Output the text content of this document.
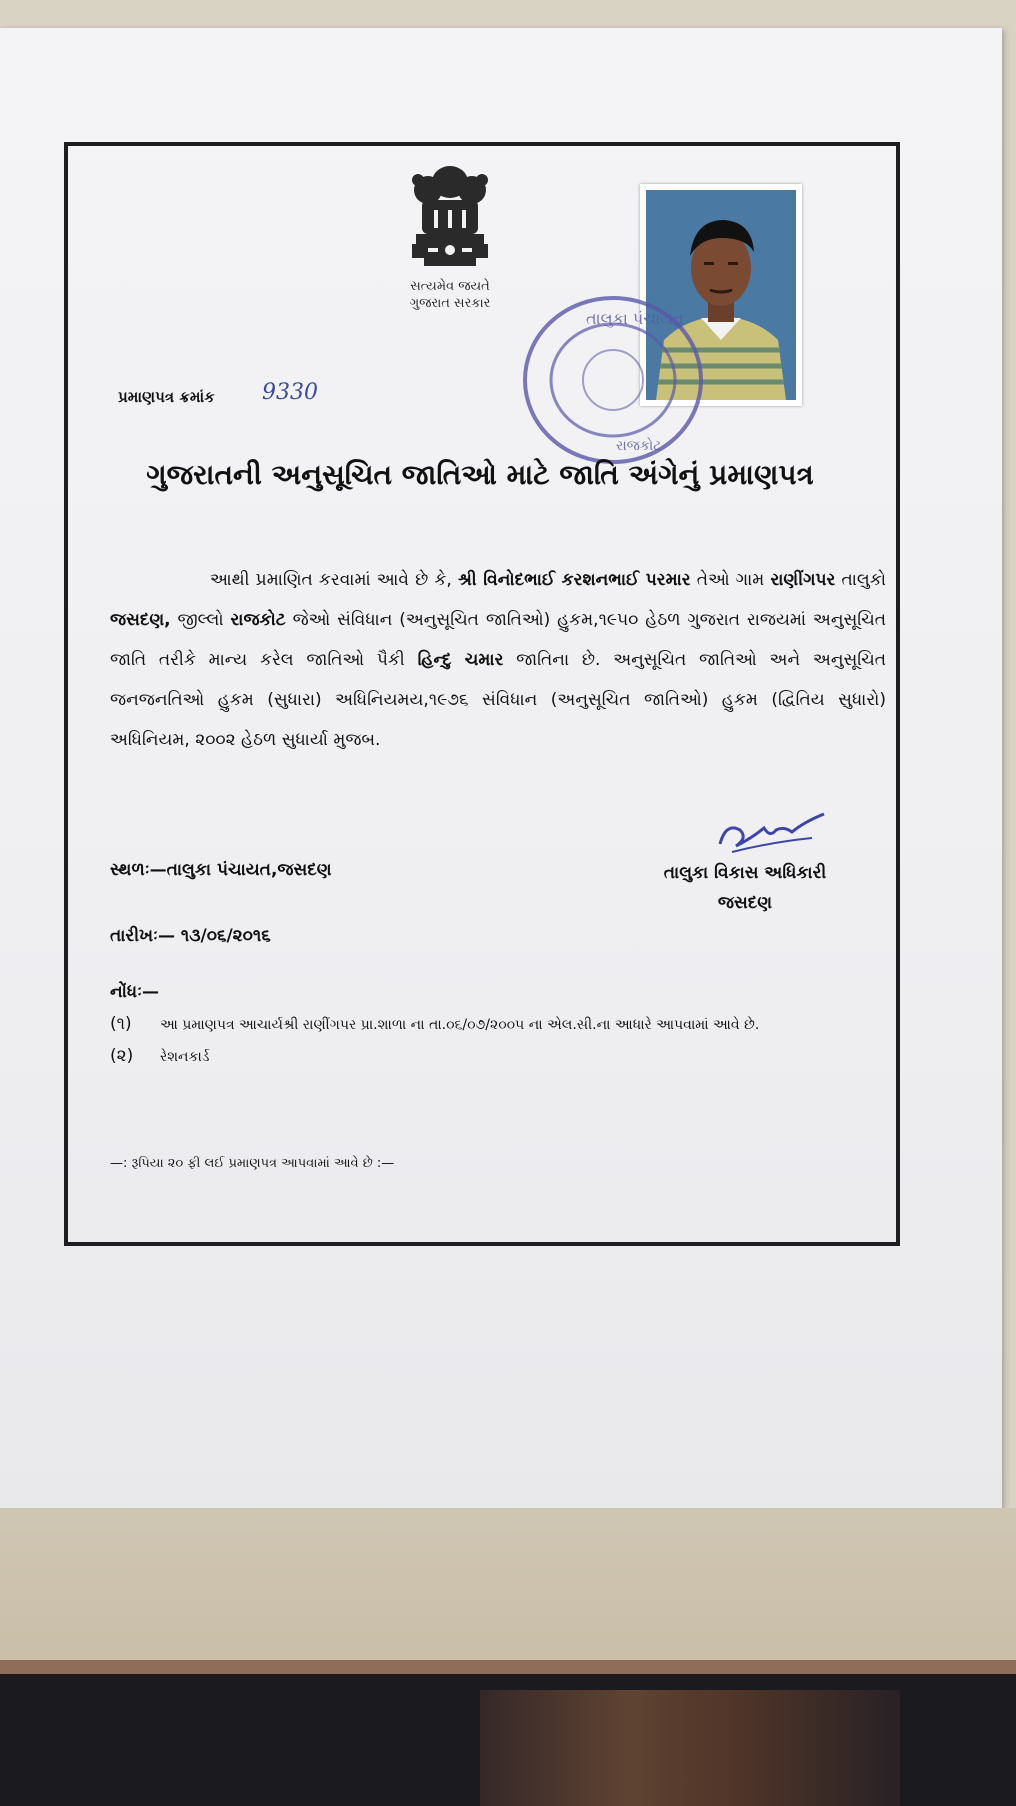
સત્યમેવ જયતે
ગુજરાત સરકાર
તાલુકા પંચાયત
રાજકોટ
પ્રમાણપત્ર ક્રમાંક 9330
ગુજરાતની અનુસૂચિત જાતિઓ માટે જાતિ અંગેનું પ્રમાણપત્ર
આથી પ્રમાણિત કરવામાં આવે છે કે, શ્રી વિનોદભાઈ કરશનભાઈ પરમાર તેઓ ગામ રાણીંગપર તાલુકો જસદણ, જીલ્લો રાજકોટ જેઓ સંવિધાન (અનુસૂચિત જાતિઓ) હુકમ,૧૯૫૦ હેઠળ ગુજરાત રાજયમાં અનુસૂચિત જાતિ તરીકે માન્ય કરેલ જાતિઓ પૈકી હિન્દુ ચમાર જાતિના છે. અનુસૂચિત જાતિઓ અને અનુસૂચિત જનજનતિઓ હુકમ (સુધારા) અધિનિયમય,૧૯૭૬ સંવિધાન (અનુસૂચિત જાતિઓ) હુકમ (દ્વિતિય સુધારો) અધિનિયમ, ૨૦૦૨ હેઠળ સુધાર્યા મુજબ.
સ્થળઃ—તાલુકા પંચાયત,જસદણ	તાલુકા વિકાસ અધિકારી
જસદણ
તારીખઃ— ૧૩/૦૬/૨૦૧૬
નોંધઃ—
(૧) આ પ્રમાણપત્ર આચાર્યશ્રી રાણીંગપર પ્રા.શાળા ના તા.૦૬/૦૭/૨૦૦૫ ના એલ.સી.ના આધારે આપવામાં આવે છે.
(૨) રેશનકાર્ડ
—: રૂપિયા ૨૦ ફી લઈ પ્રમાણપત્ર આપવામાં આવે છે :—
